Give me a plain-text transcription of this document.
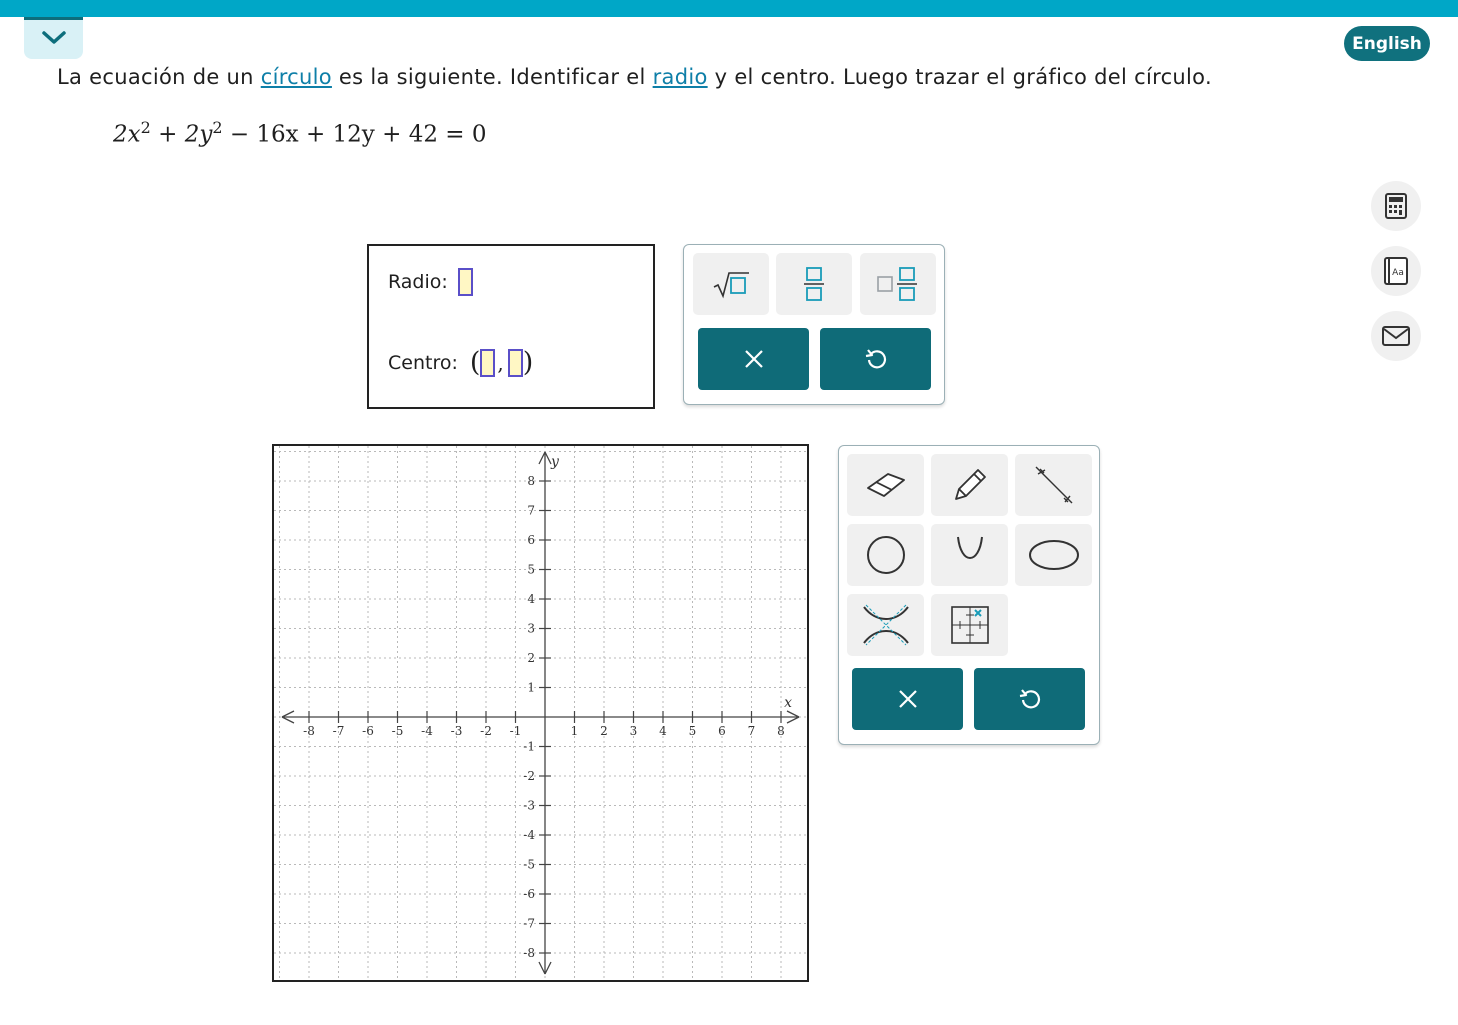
English
La ecuación de un círculo es la siguiente. Identificar el radio y el centro. Luego trazar el gráfico del círculo.
$2x^2 + 2y^2 - 16x + 12y + 42 = 0$
Aa
Radio:
Centro: ( , )
-8 -7 -6 -5 -4 -3 -2 -1	1 2 3 4 5 6 7 8
8
7
6
5
4
3
2
1
-1
-2
-3
-4
-5
-6
-7
-8
x
y
